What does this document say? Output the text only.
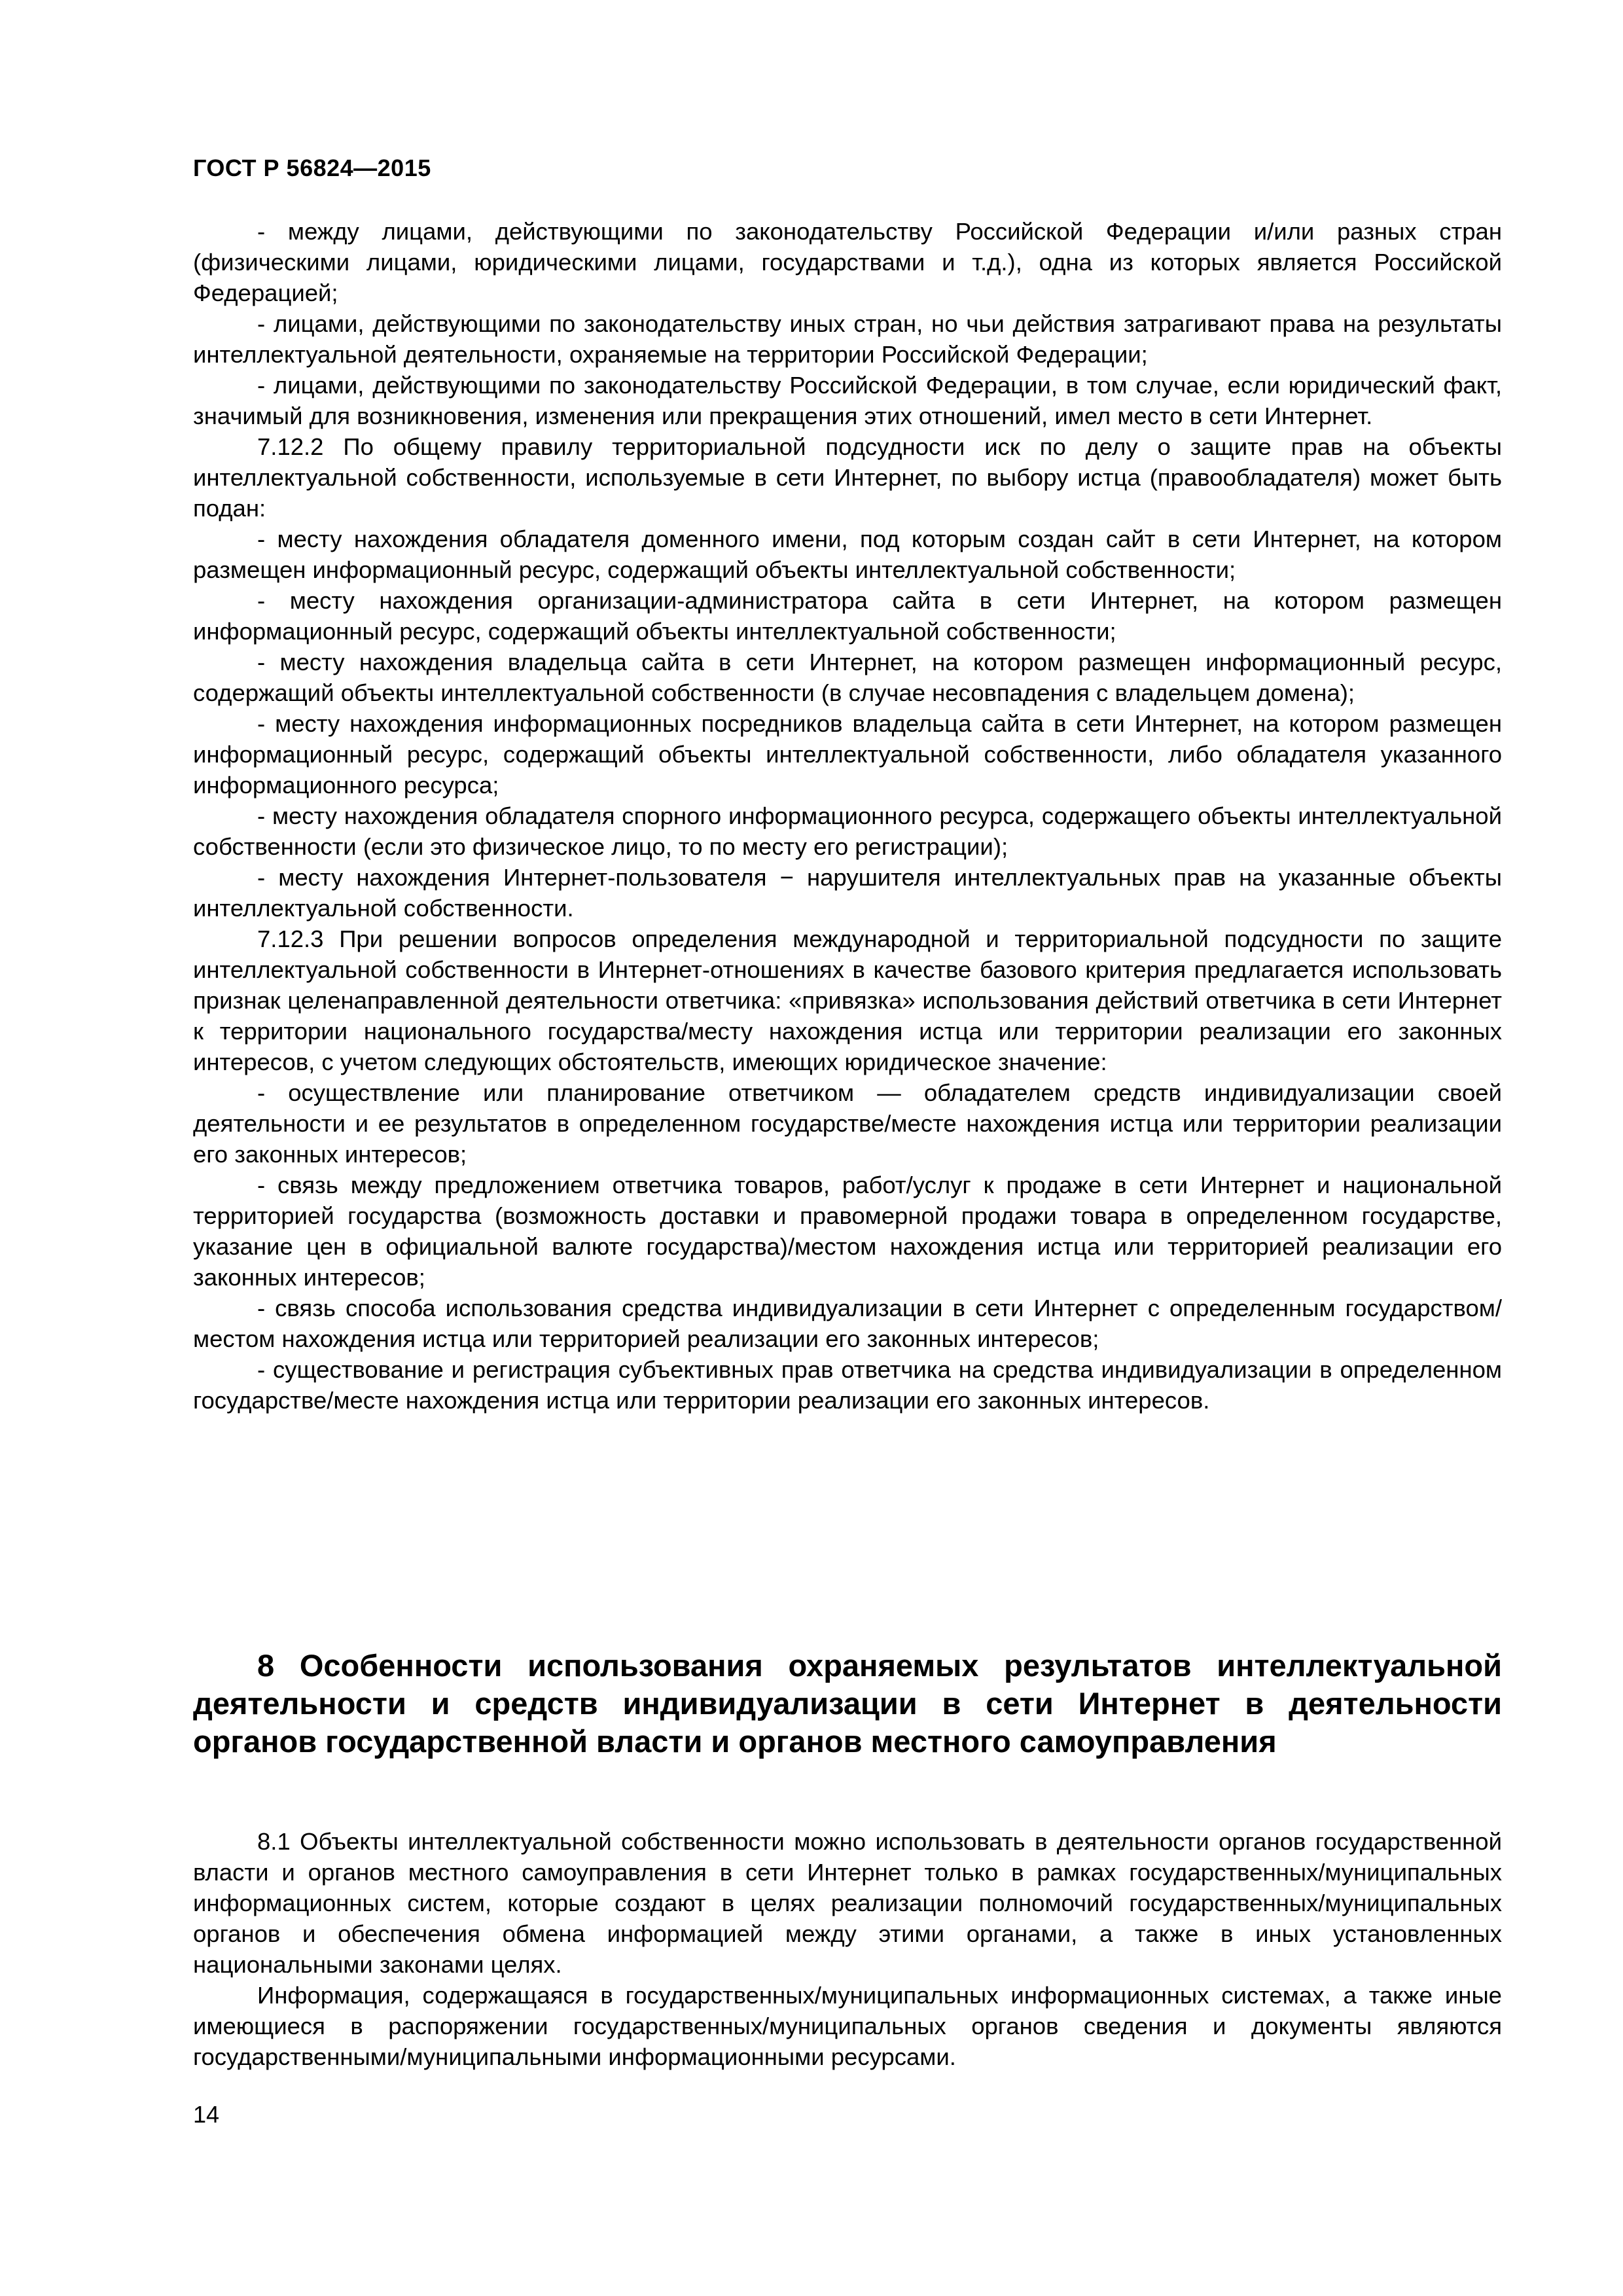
ГОСТ Р 56824—2015

- между лицами, действующими по законодательству Российской Федерации и/или разных стран (физическими лицами, юридическими лицами, государствами и т.д.), одна из которых является Российской Федерацией;

- лицами, действующими по законодательству иных стран, но чьи действия затрагивают права на результаты интеллектуальной деятельности, охраняемые на территории Российской Федерации;

- лицами, действующими по законодательству Российской Федерации, в том случае, если юридический факт, значимый для возникновения, изменения или прекращения этих отношений, имел место в сети Интернет.

7.12.2 По общему правилу территориальной подсудности иск по делу о защите прав на объекты интеллектуальной собственности, используемые в сети Интернет, по выбору истца (правообладателя) может быть подан:

- месту нахождения обладателя доменного имени, под которым создан сайт в сети Интернет, на котором размещен информационный ресурс, содержащий объекты интеллектуальной собственности;

- месту нахождения организации-администратора сайта в сети Интернет, на котором размещен информационный ресурс, содержащий объекты интеллектуальной собственности;

- месту нахождения владельца сайта в сети Интернет, на котором размещен информационный ресурс, содержащий объекты интеллектуальной собственности (в случае несовпадения с владельцем домена);

- месту нахождения информационных посредников владельца сайта в сети Интернет, на котором размещен информационный ресурс, содержащий объекты интеллектуальной собственности, либо обладателя указанного информационного ресурса;

- месту нахождения обладателя спорного информационного ресурса, содержащего объекты интеллектуальной собственности (если это физическое лицо, то по месту его регистрации);

- месту нахождения Интернет-пользователя − нарушителя интеллектуальных прав на указанные объекты интеллектуальной собственности.

7.12.3 При решении вопросов определения международной и территориальной подсудности по защите интеллектуальной собственности в Интернет-отношениях в качестве базового критерия предлагается использовать признак целенаправленной деятельности ответчика: «привязка» использования действий ответчика в сети Интернет к территории национального государства/месту нахождения истца или территории реализации его законных интересов, с учетом следующих обстоятельств, имеющих юридическое значение:

- осуществление или планирование ответчиком — обладателем средств индивидуализации своей деятельности и ее результатов в определенном государстве/месте нахождения истца или территории реализации его законных интересов;

- связь между предложением ответчика товаров, работ/услуг к продаже в сети Интернет и национальной территорией государства (возможность доставки и правомерной продажи товара в определенном государстве, указание цен в официальной валюте государства)/местом нахождения истца или территорией реализации его законных интересов;

- связь способа использования средства индивидуализации в сети Интернет с определенным государством/местом нахождения истца или территорией реализации его законных интересов;

- существование и регистрация субъективных прав ответчика на средства индивидуализации в определенном государстве/месте нахождения истца или территории реализации его законных интересов.

8 Особенности использования охраняемых результатов интеллектуальной деятельности и средств индивидуализации в сети Интернет в деятельности органов государственной власти и органов местного самоуправления

8.1 Объекты интеллектуальной собственности можно использовать в деятельности органов государственной власти и органов местного самоуправления в сети Интернет только в рамках государственных/муниципальных информационных систем, которые создают в целях реализации полномочий государственных/муниципальных органов и обеспечения обмена информацией между этими органами, а также в иных установленных национальными законами целях.

Информация, содержащаяся в государственных/муниципальных информационных системах, а также иные имеющиеся в распоряжении государственных/муниципальных органов сведения и документы являются государственными/муниципальными информационными ресурсами.

14
